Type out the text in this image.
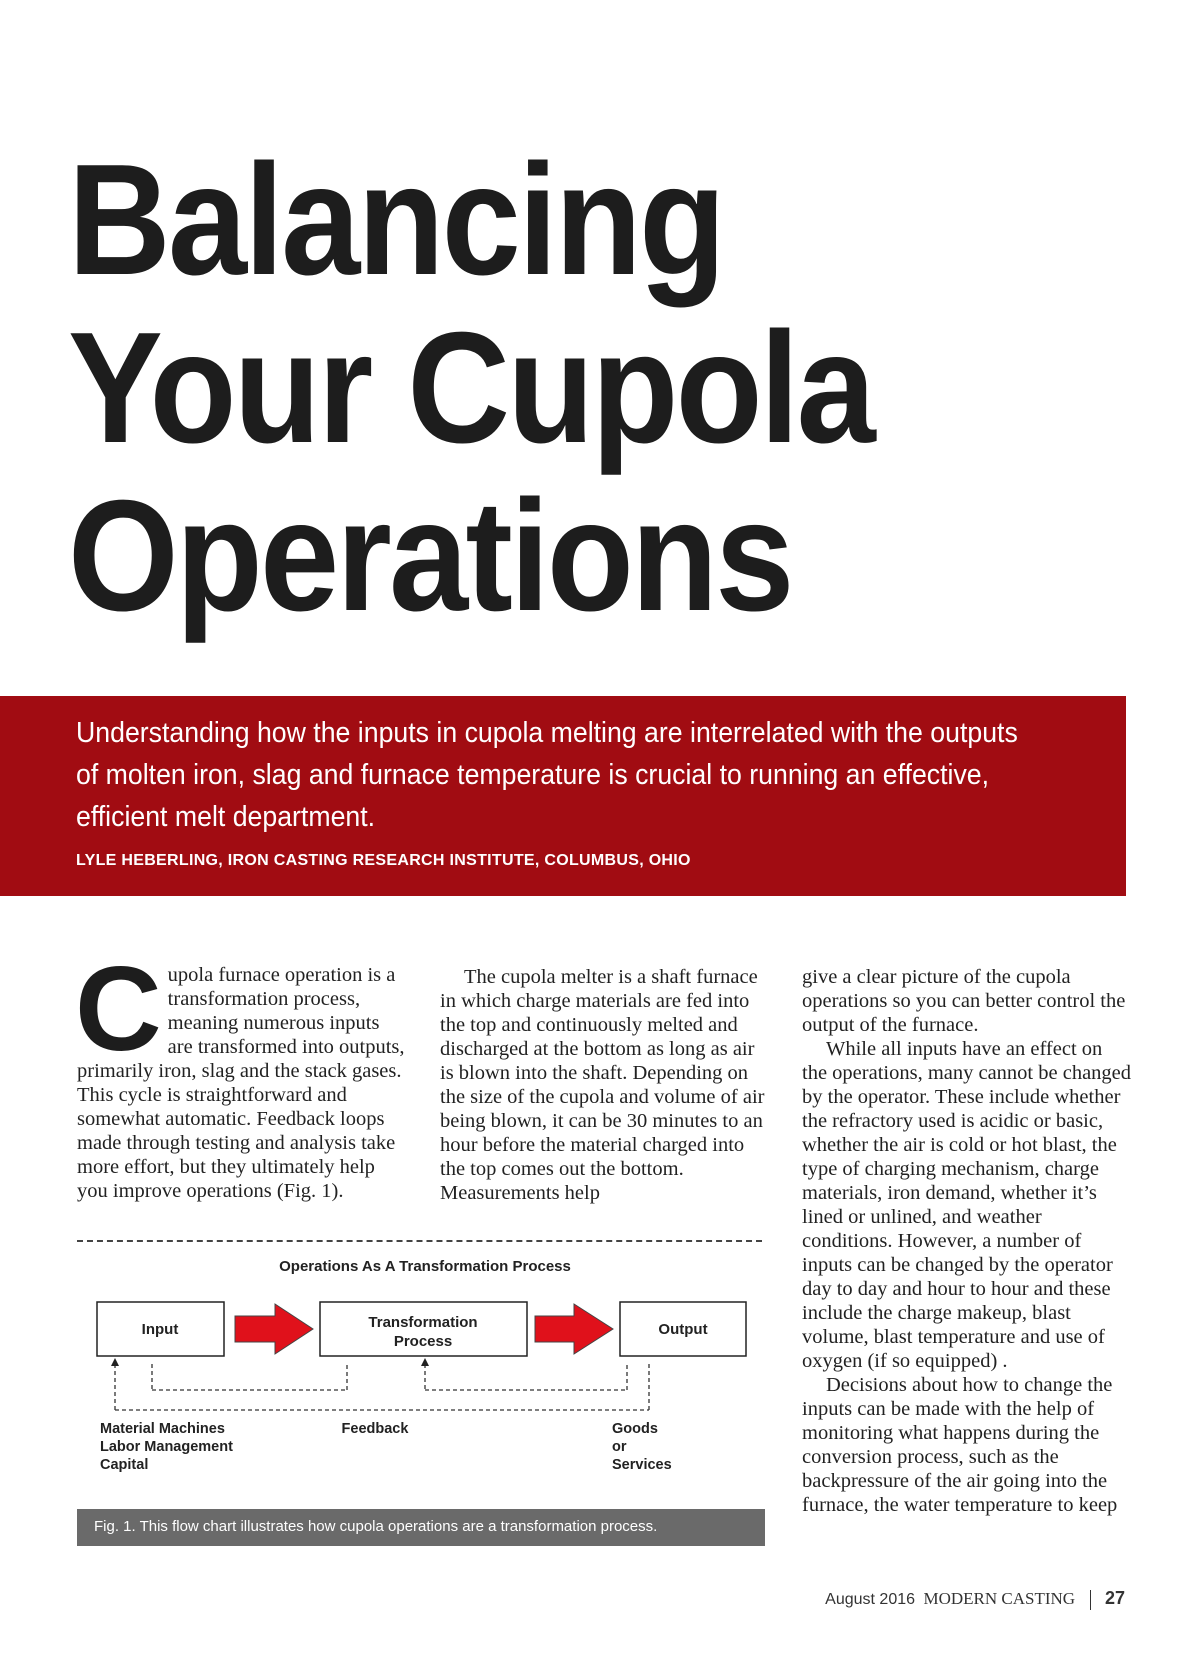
Balancing
Your Cupola
Operations

Understanding how the inputs in cupola melting are interrelated with the outputs of molten iron, slag and furnace temperature is crucial to running an effective, efficient melt department.

LYLE HEBERLING, IRON CASTING RESEARCH INSTITUTE, COLUMBUS, OHIO

C upola furnace operation is a transformation process, meaning numerous inputs are transformed into outputs, primarily iron, slag and the stack gases. This cycle is straightforward and somewhat automatic. Feedback loops made through testing and analysis take more effort, but they ultimately help you improve operations (Fig. 1).

The cupola melter is a shaft furnace in which charge materials are fed into the top and continuously melted and discharged at the bottom as long as air is blown into the shaft. Depending on the size of the cupola and volume of air being blown, it can be 30 minutes to an hour before the material charged into the top comes out the bottom. Measurements help

give a clear picture of the cupola operations so you can better control the output of the furnace.

While all inputs have an effect on the operations, many cannot be changed by the operator. These include whether the refractory used is acidic or basic, whether the air is cold or hot blast, the type of charging mechanism, charge materials, iron demand, whether it’s lined or unlined, and weather conditions. However, a number of inputs can be changed by the operator day to day and hour to hour and these include the charge makeup, blast volume, blast temperature and use of oxygen (if so equipped) .

Decisions about how to change the inputs can be made with the help of monitoring what happens during the conversion process, such as the backpressure of the air going into the furnace, the water temperature to keep

Operations As A Transformation Process
Input	Transformation
Process
Output
Material Machines
Labor Management
Capital
Feedback	Goods
or
Services

Fig. 1. This flow chart illustrates how cupola operations are a transformation process.

August 2016 MODERN CASTING 27
